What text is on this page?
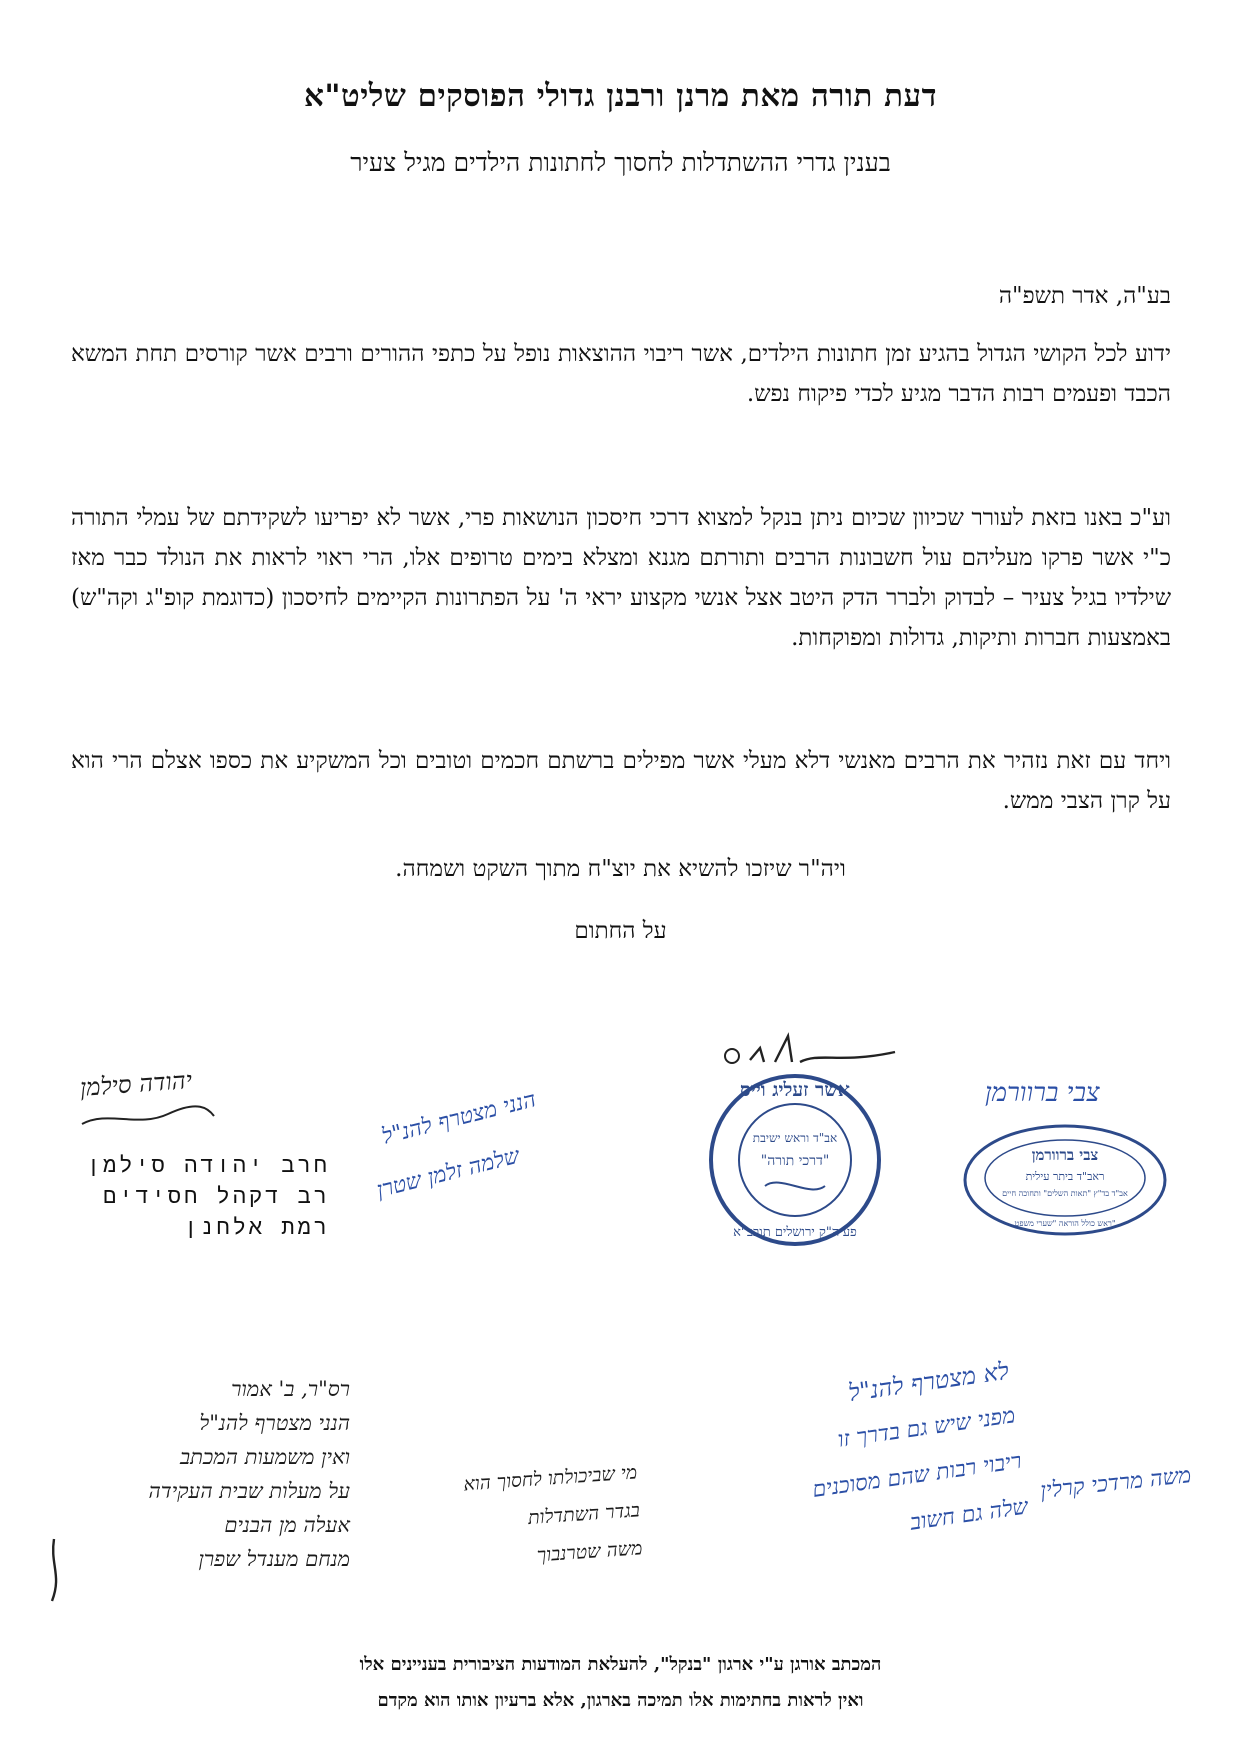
דעת תורה מאת מרנן ורבנן גדולי הפוסקים שליט"א
בענין גדרי ההשתדלות לחסוך לחתונות הילדים מגיל צעיר
בע"ה, אדר תשפ"ה
ידוע לכל הקושי הגדול בהגיע זמן חתונות הילדים, אשר ריבוי ההוצאות נופל על כתפי ההורים ורבים אשר קורסים תחת המשא הכבד ופעמים רבות הדבר מגיע לכדי פיקוח נפש.
וע"כ באנו בזאת לעורר שכיוון שכיום ניתן בנקל למצוא דרכי חיסכון הנושאות פרי, אשר לא יפריעו לשקידתם של עמלי התורה כ"י אשר פרקו מעליהם עול חשבונות הרבים ותורתם מגנא ומצלא בימים טרופים אלו, הרי ראוי לראות את הנולד כבר מאז שילדיו בגיל צעיר – לבדוק ולברר הדק היטב אצל אנשי מקצוע יראי ה' על הפתרונות הקיימים לחיסכון (כדוגמת קופ"ג וקה"ש) באמצעות חברות ותיקות, גדולות ומפוקחות.
ויחד עם זאת נזהיר את הרבים מאנשי דלא מעלי אשר מפילים ברשתם חכמים וטובים וכל המשקיע את כספו אצלם הרי הוא על קרן הצבי ממש.
ויה"ר שיזכו להשיא את יוצ"ח מתוך השקט ושמחה.
על החתום
יהודה סילמן
חרב יהודה סילמן
רב דקהל חסידים
רמת אלחנן
הנני מצטרף להנ"ל
שלמה זלמן שטרן
אשר זעליג וייס
אב"ד וראש ישיבת
"דרכי תורה"
פעיה"ק ירושלים תובב"א
צבי ברוורמן
צבי ברוורמן
ראב"ד ביתר עילית
אב"ד בד"ץ "תאות השלים" ותחוכה חיים
ראש כולל הוראה "שערי משפט"
רס"ר, ב' אמור
הנני מצטרף להנ"ל
ואין משמעות המכתב
על מעלות שבית העקידה
אעלה מן הבנים
מנחם מענדל שפרן
מי שביכולתו לחסוך הוא
בגדר השתדלות
משה שטרנבוך
לא מצטרף להנ"ל
מפני שיש גם בדרך זו
ריבוי רבות שהם מסוכנים
שלה גם חשוב
משה מרדכי קרלין
המכתב אורגן ע"י ארגון "בנקל", להעלאת המודעות הציבורית בעניינים אלו
ואין לראות בחתימות אלו תמיכה בארגון, אלא ברעיון אותו הוא מקדם
